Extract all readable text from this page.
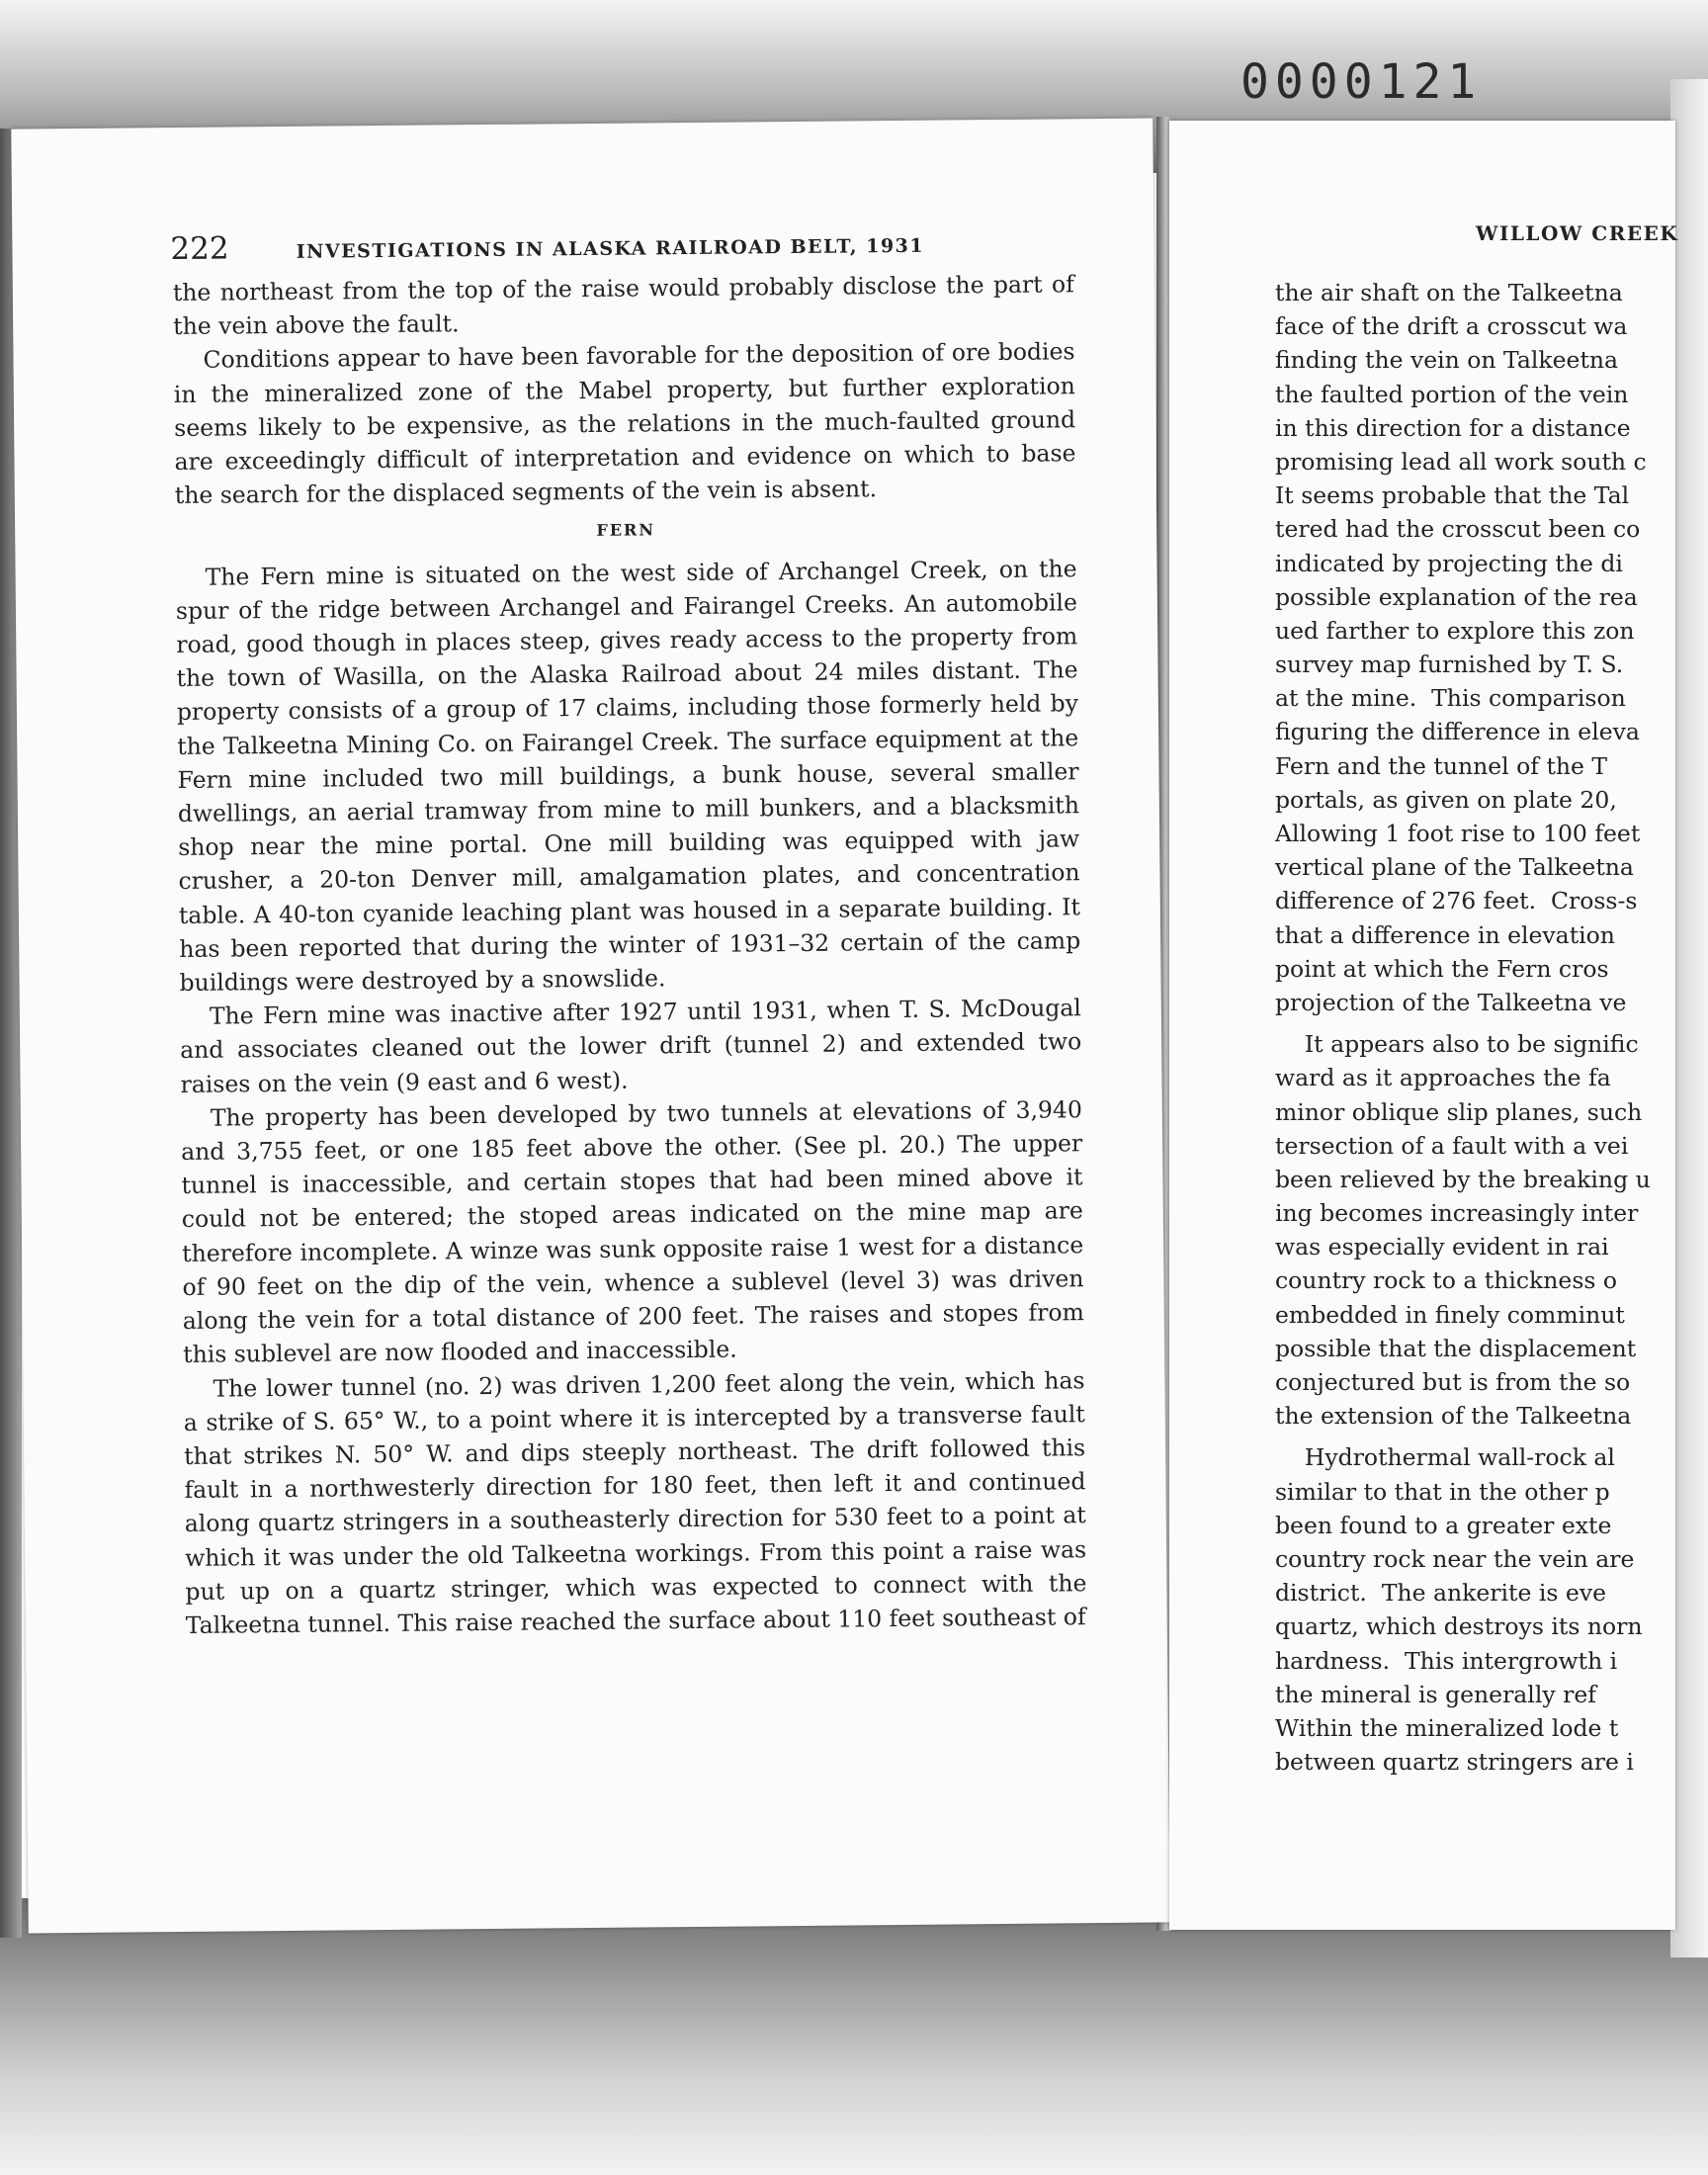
0000121
222	INVESTIGATIONS IN ALASKA RAILROAD BELT, 1931

the northeast from the top of the raise would probably disclose the part of the vein above the fault.

Conditions appear to have been favorable for the deposition of ore bodies in the mineralized zone of the Mabel property, but further exploration seems likely to be expensive, as the relations in the much-faulted ground are exceedingly difficult of interpretation and evidence on which to base the search for the displaced segments of the vein is absent.

FERN

The Fern mine is situated on the west side of Archangel Creek, on the spur of the ridge between Archangel and Fairangel Creeks. An automobile road, good though in places steep, gives ready access to the property from the town of Wasilla, on the Alaska Railroad about 24 miles distant. The property consists of a group of 17 claims, including those formerly held by the Talkeetna Mining Co. on Fairangel Creek. The surface equipment at the Fern mine included two mill buildings, a bunk house, several smaller dwellings, an aerial tramway from mine to mill bunkers, and a blacksmith shop near the mine portal. One mill building was equipped with jaw crusher, a 20-ton Denver mill, amalgamation plates, and concentration table. A 40-ton cyanide leaching plant was housed in a separate building. It has been reported that during the winter of 1931–32 certain of the camp buildings were destroyed by a snowslide.

The Fern mine was inactive after 1927 until 1931, when T. S. McDougal and associates cleaned out the lower drift (tunnel 2) and extended two raises on the vein (9 east and 6 west).

The property has been developed by two tunnels at elevations of 3,940 and 3,755 feet, or one 185 feet above the other. (See pl. 20.) The upper tunnel is inaccessible, and certain stopes that had been mined above it could not be entered; the stoped areas indicated on the mine map are therefore incomplete. A winze was sunk opposite raise 1 west for a distance of 90 feet on the dip of the vein, whence a sublevel (level 3) was driven along the vein for a total distance of 200 feet. The raises and stopes from this sublevel are now flooded and inaccessible.

The lower tunnel (no. 2) was driven 1,200 feet along the vein, which has a strike of S. 65° W., to a point where it is intercepted by a transverse fault that strikes N. 50° W. and dips steeply northeast. The drift followed this fault in a northwesterly direction for 180 feet, then left it and continued along quartz stringers in a southeasterly direction for 530 feet to a point at which it was under the old Talkeetna workings. From this point a raise was put up on a quartz stringer, which was expected to connect with the Talkeetna tunnel. This raise reached the surface about 110 feet southeast of

WILLOW CREEK
the air shaft on the Talkeetna
face of the drift a crosscut wa
finding the vein on Talkeetna
the faulted portion of the vein
in this direction for a distance
promising lead all work south c
It seems probable that the Tal
tered had the crosscut been co
indicated by projecting the di
possible explanation of the rea
ued farther to explore this zon
survey map furnished by T. S.
at the mine.  This comparison
figuring the difference in eleva
Fern and the tunnel of the T
portals, as given on plate 20,
Allowing 1 foot rise to 100 feet
vertical plane of the Talkeetna
difference of 276 feet.  Cross-s
that a difference in elevation
point at which the Fern cros
projection of the Talkeetna ve
It appears also to be signific
ward as it approaches the fa
minor oblique slip planes, such
tersection of a fault with a vei
been relieved by the breaking u
ing becomes increasingly inter
was especially evident in rai
country rock to a thickness o
embedded in finely comminut
possible that the displacement
conjectured but is from the so
the extension of the Talkeetna
Hydrothermal wall-rock al
similar to that in the other p
been found to a greater exte
country rock near the vein are
district.  The ankerite is eve
quartz, which destroys its norn
hardness.  This intergrowth i
the mineral is generally ref
Within the mineralized lode t
between quartz stringers are i
